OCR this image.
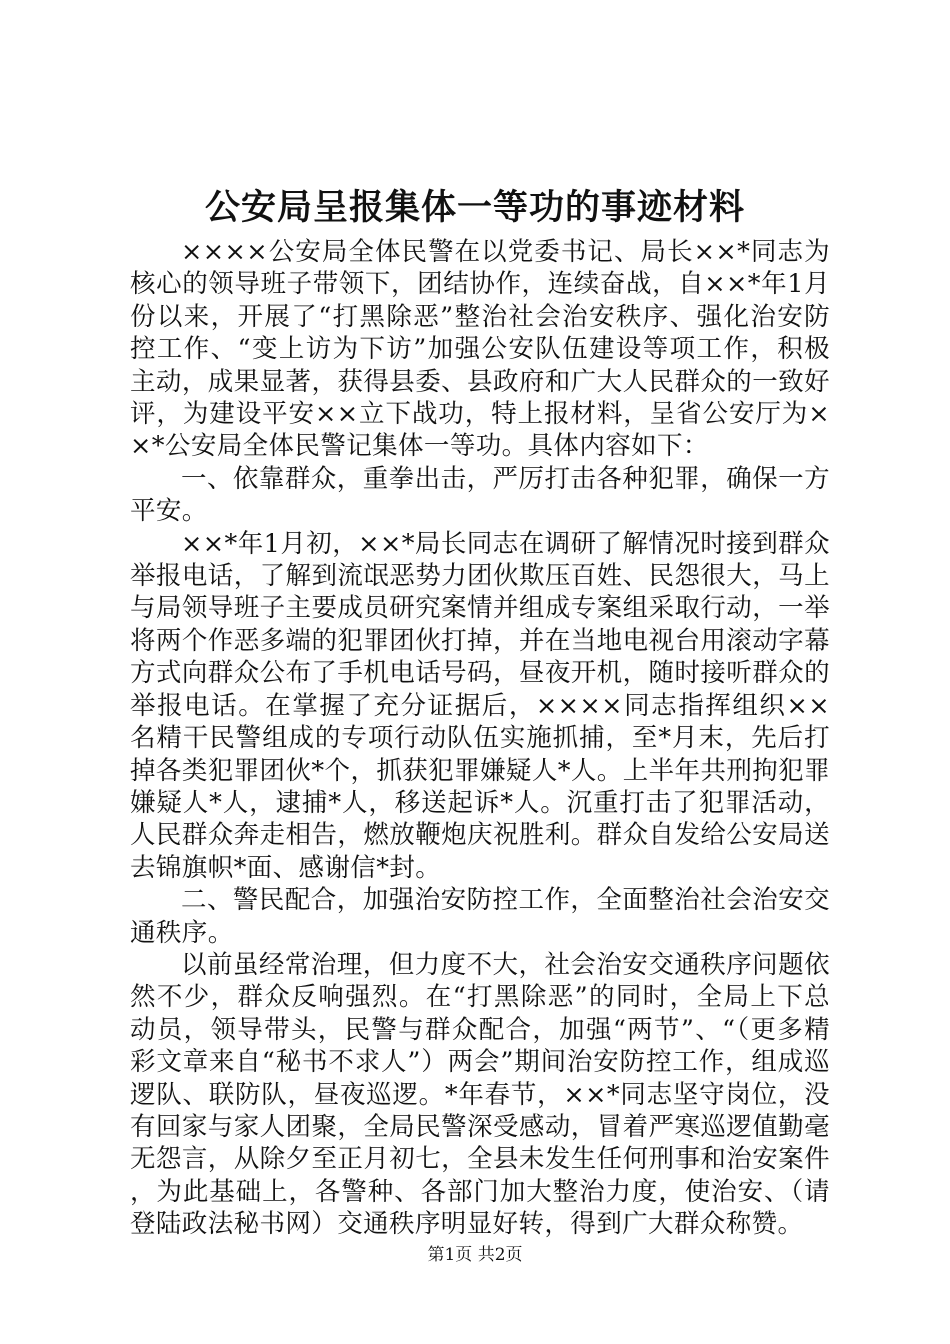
公安局呈报集体一等功的事迹材料

××××公安局全体民警在以党委书记、局长××*同志为核心的领导班子带领下，团结协作，连续奋战，自××*年1月份以来，开展了“打黑除恶”整治社会治安秩序、强化治安防控工作、“变上访为下访”加强公安队伍建设等项工作，积极主动，成果显著，获得县委、县政府和广大人民群众的一致好评，为建设平安××立下战功，特上报材料，呈省公安厅为××*公安局全体民警记集体一等功。具体内容如下：

一、依靠群众，重拳出击，严厉打击各种犯罪，确保一方平安。

××*年1月初，××*局长同志在调研了解情况时接到群众举报电话，了解到流氓恶势力团伙欺压百姓、民怨很大，马上与局领导班子主要成员研究案情并组成专案组采取行动，一举将两个作恶多端的犯罪团伙打掉，并在当地电视台用滚动字幕方式向群众公布了手机电话号码，昼夜开机，随时接听群众的举报电话。在掌握了充分证据后，××××同志指挥组织××名精干民警组成的专项行动队伍实施抓捕，至*月末，先后打掉各类犯罪团伙*个，抓获犯罪嫌疑人*人。上半年共刑拘犯罪嫌疑人*人，逮捕*人，移送起诉*人。沉重打击了犯罪活动，人民群众奔走相告，燃放鞭炮庆祝胜利。群众自发给公安局送去锦旗帜*面、感谢信*封。

二、警民配合，加强治安防控工作，全面整治社会治安交通秩序。

以前虽经常治理，但力度不大，社会治安交通秩序问题依然不少，群众反响强烈。在“打黑除恶”的同时，全局上下总动员，领导带头，民警与群众配合，加强“两节”、“（更多精彩文章来自“秘书不求人”）两会”期间治安防控工作，组成巡逻队、联防队，昼夜巡逻。*年春节，××*同志坚守岗位，没有回家与家人团聚，全局民警深受感动，冒着严寒巡逻值勤毫无怨言，从除夕至正月初七，全县未发生任何刑事和治安案件，为此基础上，各警种、各部门加大整治力度，使治安、（请登陆政法秘书网）交通秩序明显好转，得到广大群众称赞。

第1页 共2页
